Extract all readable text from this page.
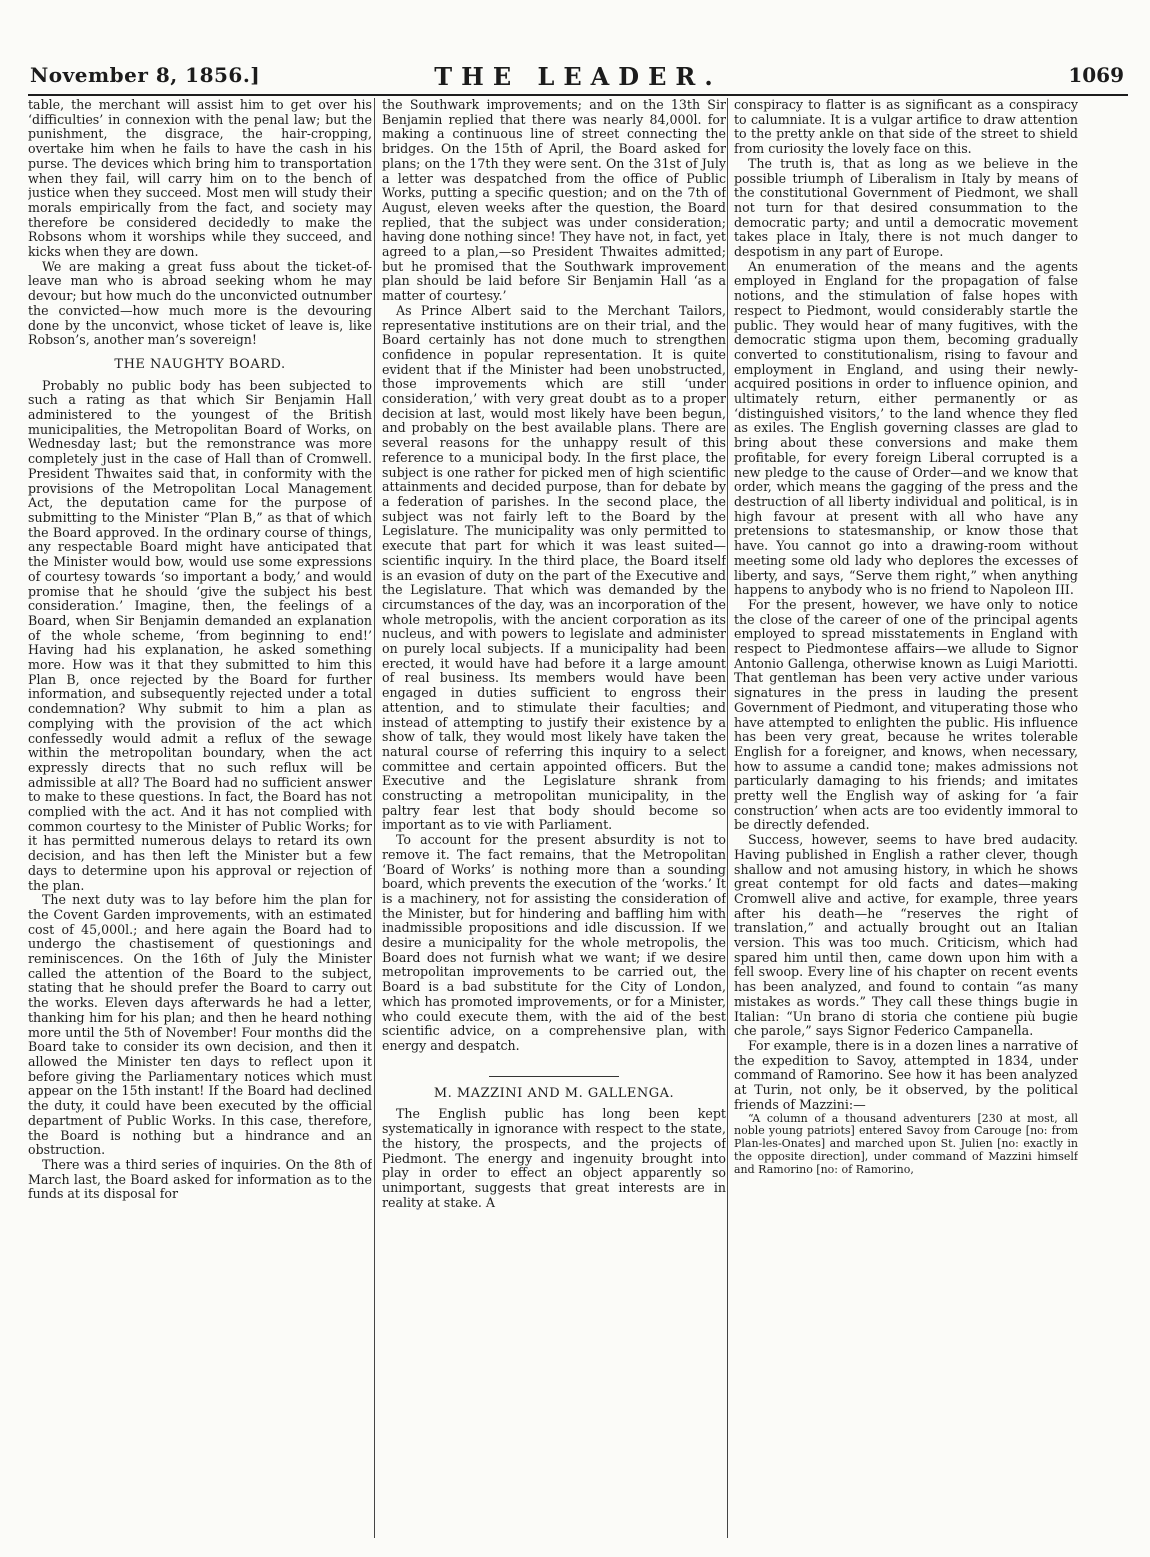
November 8, 1856.]	THE LEADER.	1069

table, the merchant will assist him to get over his ‘difficulties’ in connexion with the penal law; but the punishment, the disgrace, the hair-cropping, overtake him when he fails to have the cash in his purse. The devices which bring him to transportation when they fail, will carry him on to the bench of justice when they succeed. Most men will study their morals empirically from the fact, and society may therefore be considered decidedly to make the Robsons whom it worships while they succeed, and kicks when they are down.

We are making a great fuss about the ticket-of-leave man who is abroad seeking whom he may devour; but how much do the unconvicted outnumber the convicted—how much more is the devouring done by the unconvict, whose ticket of leave is, like Robson’s, another man’s sovereign!

THE NAUGHTY BOARD.

Probably no public body has been subjected to such a rating as that which Sir Benjamin Hall administered to the youngest of the British municipalities, the Metropolitan Board of Works, on Wednesday last; but the remonstrance was more completely just in the case of Hall than of Cromwell. President Thwaites said that, in conformity with the provisions of the Metropolitan Local Management Act, the deputation came for the purpose of submitting to the Minister “Plan B,” as that of which the Board approved. In the ordinary course of things, any respectable Board might have anticipated that the Minister would bow, would use some expressions of courtesy towards ‘so important a body,’ and would promise that he should ‘give the subject his best consideration.’ Imagine, then, the feelings of a Board, when Sir Benjamin demanded an explanation of the whole scheme, ‘from beginning to end!’ Having had his explanation, he asked something more. How was it that they submitted to him this Plan B, once rejected by the Board for further information, and subsequently rejected under a total condemnation? Why submit to him a plan as complying with the provision of the act which confessedly would admit a reflux of the sewage within the metropolitan boundary, when the act expressly directs that no such reflux will be admissible at all? The Board had no sufficient answer to make to these questions. In fact, the Board has not complied with the act. And it has not complied with common courtesy to the Minister of Public Works; for it has permitted numerous delays to retard its own decision, and has then left the Minister but a few days to determine upon his approval or rejection of the plan.

The next duty was to lay before him the plan for the Covent Garden improvements, with an estimated cost of 45,000l.; and here again the Board had to undergo the chastisement of questionings and reminiscences. On the 16th of July the Minister called the attention of the Board to the subject, stating that he should prefer the Board to carry out the works. Eleven days afterwards he had a letter, thanking him for his plan; and then he heard nothing more until the 5th of November! Four months did the Board take to consider its own decision, and then it allowed the Minister ten days to reflect upon it before giving the Parliamentary notices which must appear on the 15th instant! If the Board had declined the duty, it could have been executed by the official department of Public Works. In this case, therefore, the Board is nothing but a hindrance and an obstruction.

There was a third series of inquiries. On the 8th of March last, the Board asked for information as to the funds at its disposal for

the Southwark improvements; and on the 13th Sir Benjamin replied that there was nearly 84,000l. for making a continuous line of street connecting the bridges. On the 15th of April, the Board asked for plans; on the 17th they were sent. On the 31st of July a letter was despatched from the office of Public Works, putting a specific question; and on the 7th of August, eleven weeks after the question, the Board replied, that the subject was under consideration; having done nothing since! They have not, in fact, yet agreed to a plan,—so President Thwaites admitted; but he promised that the Southwark improvement plan should be laid before Sir Benjamin Hall ‘as a matter of courtesy.’

As Prince Albert said to the Merchant Tailors, representative institutions are on their trial, and the Board certainly has not done much to strengthen confidence in popular representation. It is quite evident that if the Minister had been unobstructed, those improvements which are still ‘under consideration,’ with very great doubt as to a proper decision at last, would most likely have been begun, and probably on the best available plans. There are several reasons for the unhappy result of this reference to a municipal body. In the first place, the subject is one rather for picked men of high scientific attainments and decided purpose, than for debate by a federation of parishes. In the second place, the subject was not fairly left to the Board by the Legislature. The municipality was only permitted to execute that part for which it was least suited—scientific inquiry. In the third place, the Board itself is an evasion of duty on the part of the Executive and the Legislature. That which was demanded by the circumstances of the day, was an incorporation of the whole metropolis, with the ancient corporation as its nucleus, and with powers to legislate and administer on purely local subjects. If a municipality had been erected, it would have had before it a large amount of real business. Its members would have been engaged in duties sufficient to engross their attention, and to stimulate their faculties; and instead of attempting to justify their existence by a show of talk, they would most likely have taken the natural course of referring this inquiry to a select committee and certain appointed officers. But the Executive and the Legislature shrank from constructing a metropolitan municipality, in the paltry fear lest that body should become so important as to vie with Parliament.

To account for the present absurdity is not to remove it. The fact remains, that the Metropolitan ‘Board of Works’ is nothing more than a sounding board, which prevents the execution of the ‘works.’ It is a machinery, not for assisting the consideration of the Minister, but for hindering and baffling him with inadmissible propositions and idle discussion. If we desire a municipality for the whole metropolis, the Board does not furnish what we want; if we desire metropolitan improvements to be carried out, the Board is a bad substitute for the City of London, which has promoted improvements, or for a Minister, who could execute them, with the aid of the best scientific advice, on a comprehensive plan, with energy and despatch.

M. MAZZINI AND M. GALLENGA.

The English public has long been kept systematically in ignorance with respect to the state, the history, the prospects, and the projects of Piedmont. The energy and ingenuity brought into play in order to effect an object apparently so unimportant, suggests that great interests are in reality at stake. A

conspiracy to flatter is as significant as a conspiracy to calumniate. It is a vulgar artifice to draw attention to the pretty ankle on that side of the street to shield from curiosity the lovely face on this.

The truth is, that as long as we believe in the possible triumph of Liberalism in Italy by means of the constitutional Government of Piedmont, we shall not turn for that desired consummation to the democratic party; and until a democratic movement takes place in Italy, there is not much danger to despotism in any part of Europe.

An enumeration of the means and the agents employed in England for the propagation of false notions, and the stimulation of false hopes with respect to Piedmont, would considerably startle the public. They would hear of many fugitives, with the democratic stigma upon them, becoming gradually converted to constitutionalism, rising to favour and employment in England, and using their newly-acquired positions in order to influence opinion, and ultimately return, either permanently or as ‘distinguished visitors,’ to the land whence they fled as exiles. The English governing classes are glad to bring about these conversions and make them profitable, for every foreign Liberal corrupted is a new pledge to the cause of Order—and we know that order, which means the gagging of the press and the destruction of all liberty individual and political, is in high favour at present with all who have any pretensions to statesmanship, or know those that have. You cannot go into a drawing-room without meeting some old lady who deplores the excesses of liberty, and says, “Serve them right,” when anything happens to anybody who is no friend to Napoleon III.

For the present, however, we have only to notice the close of the career of one of the principal agents employed to spread misstatements in England with respect to Piedmontese affairs—we allude to Signor Antonio Gallenga, otherwise known as Luigi Mariotti. That gentleman has been very active under various signatures in the press in lauding the present Government of Piedmont, and vituperating those who have attempted to enlighten the public. His influence has been very great, because he writes tolerable English for a foreigner, and knows, when necessary, how to assume a candid tone; makes admissions not particularly damaging to his friends; and imitates pretty well the English way of asking for ‘a fair construction’ when acts are too evidently immoral to be directly defended.

Success, however, seems to have bred audacity. Having published in English a rather clever, though shallow and not amusing history, in which he shows great contempt for old facts and dates—making Cromwell alive and active, for example, three years after his death—he “reserves the right of translation,” and actually brought out an Italian version. This was too much. Criticism, which had spared him until then, came down upon him with a fell swoop. Every line of his chapter on recent events has been analyzed, and found to contain “as many mistakes as words.” They call these things bugie in Italian: “Un brano di storia che contiene più bugie che parole,” says Signor Federico Campanella.

For example, there is in a dozen lines a narrative of the expedition to Savoy, attempted in 1834, under command of Ramorino. See how it has been analyzed at Turin, not only, be it observed, by the political friends of Mazzini:—

“A column of a thousand adventurers [230 at most, all noble young patriots] entered Savoy from Carouge [no: from Plan-les-Onates] and marched upon St. Julien [no: exactly in the opposite direction], under command of Mazzini himself and Ramorino [no: of Ramorino,
